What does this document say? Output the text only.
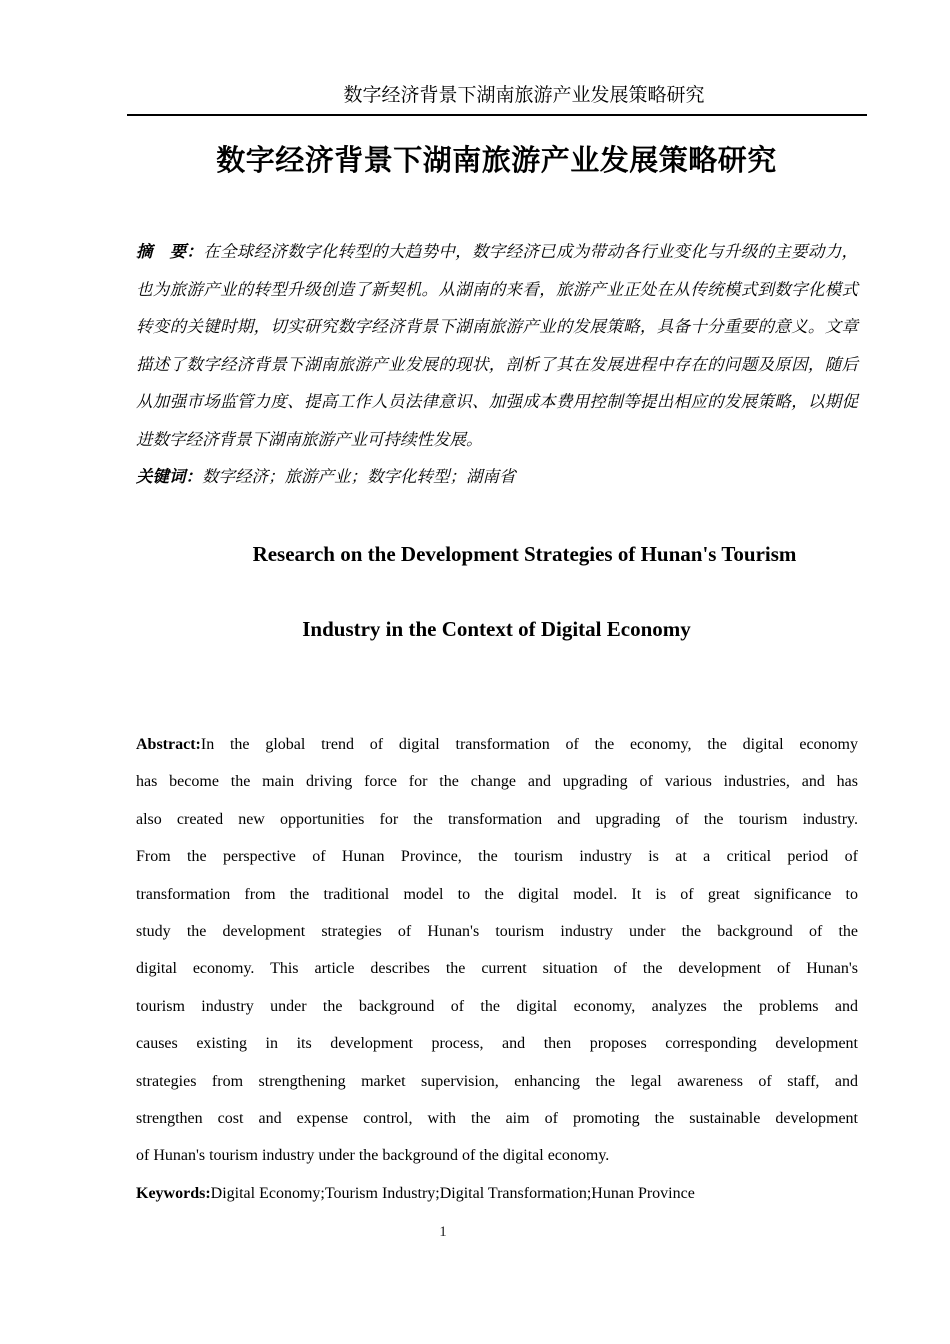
数字经济背景下湖南旅游产业发展策略研究
数字经济背景下湖南旅游产业发展策略研究
摘　要：在全球经济数字化转型的大趋势中，数字经济已成为带动各行业变化与升级的主要动力，
也为旅游产业的转型升级创造了新契机。从湖南的来看，旅游产业正处在从传统模式到数字化模式
转变的关键时期，切实研究数字经济背景下湖南旅游产业的发展策略，具备十分重要的意义。文章
描述了数字经济背景下湖南旅游产业发展的现状，剖析了其在发展进程中存在的问题及原因，随后
从加强市场监管力度、提高工作人员法律意识、加强成本费用控制等提出相应的发展策略，以期促
进数字经济背景下湖南旅游产业可持续性发展。
关键词：数字经济；旅游产业；数字化转型；湖南省
Research on the Development Strategies of Hunan's Tourism
Industry in the Context of Digital Economy
Abstract:In the global trend of digital transformation of the economy, the digital economy
has become the main driving force for the change and upgrading of various industries, and has
also created new opportunities for the transformation and upgrading of the tourism industry.
From the perspective of Hunan Province, the tourism industry is at a critical period of
transformation from the traditional model to the digital model. It is of great significance to
study the development strategies of Hunan's tourism industry under the background of the
digital economy. This article describes the current situation of the development of Hunan's
tourism industry under the background of the digital economy, analyzes the problems and
causes existing in its development process, and then proposes corresponding development
strategies from strengthening market supervision, enhancing the legal awareness of staff, and
strengthen cost and expense control, with the aim of promoting the sustainable development
of Hunan's tourism industry under the background of the digital economy.
Keywords:Digital Economy;Tourism Industry;Digital Transformation;Hunan Province
1
